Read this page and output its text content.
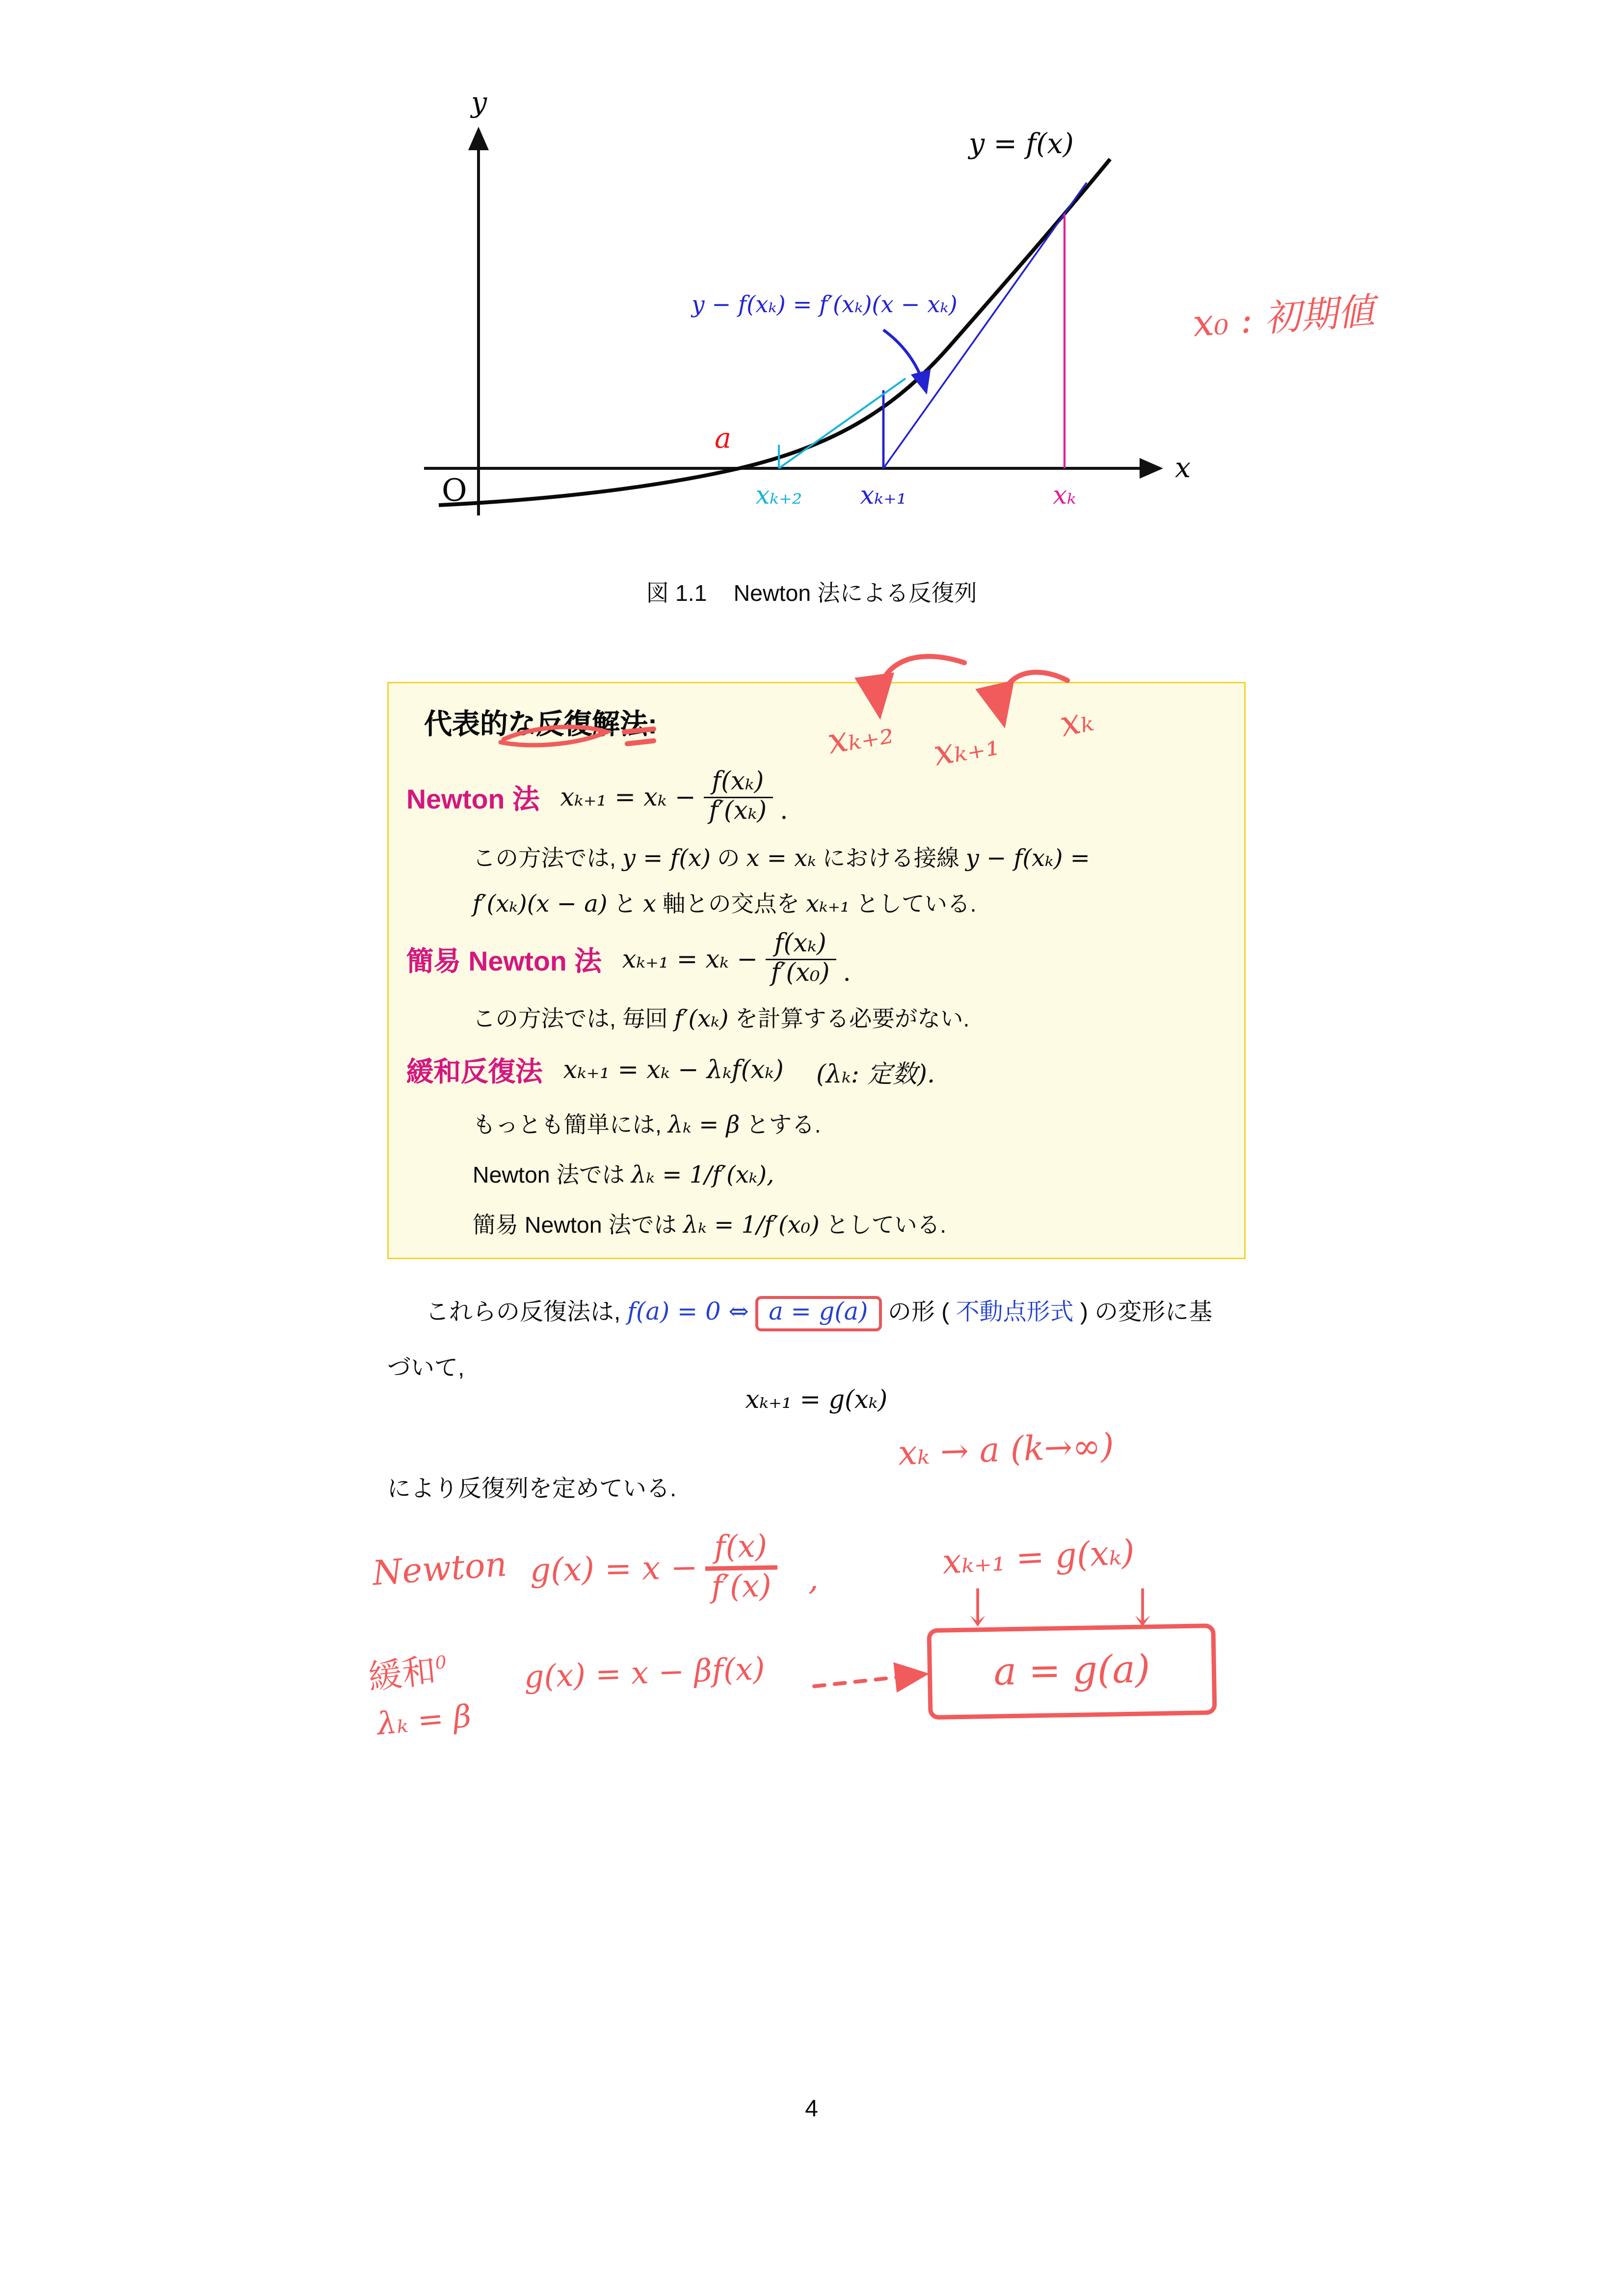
y
x
O
y = f(x)
y − f(xₖ) = f′(xₖ)(x − xₖ)
a
xₖ₊₂	xₖ₊₁	xₖ
x₀ : 初期値
図 1.1	Newton 法による反復列
代表的な反復解法:
Newton 法 $x_{k+1} = x_k - \frac{\text{f(xₖ)}}{\text{f′(xₖ)}}$ .
この方法では, y = f(x) の x = xₖ における接線 y − f(xₖ) =
f′(xₖ)(x − a) と x 軸との交点を xₖ₊₁ としている.
簡易 Newton 法 $x_{k+1} = x_k - \frac{\text{f(xₖ)}}{\text{f′(x₀)}}$ .
この方法では, 毎回 f′(xₖ) を計算する必要がない.
緩和反復法 xₖ₊₁ = xₖ − λₖf(xₖ)	(λₖ: 定数).
もっとも簡単には, λₖ = β とする.
Newton 法では λₖ = 1/f′(xₖ),
簡易 Newton 法では λₖ = 1/f′(x₀) としている.
xₖ₊₂	xₖ₊₁
xₖ
これらの反復法は, f(a) = 0 ⇔ a = g(a)	の形 ( 不動点形式 ) の変形に基
づいて,
xₖ₊₁ = g(xₖ)
により反復列を定めている.
xₖ → a (k→∞)
Newton $g(x) = x - \frac{f(x)}{f'(x)}$	,	xₖ₊₁ = g(xₖ)
↓	↓
a = g(a)
緩和$^0$
λₖ = β
g(x) = x − βf(x)
4
